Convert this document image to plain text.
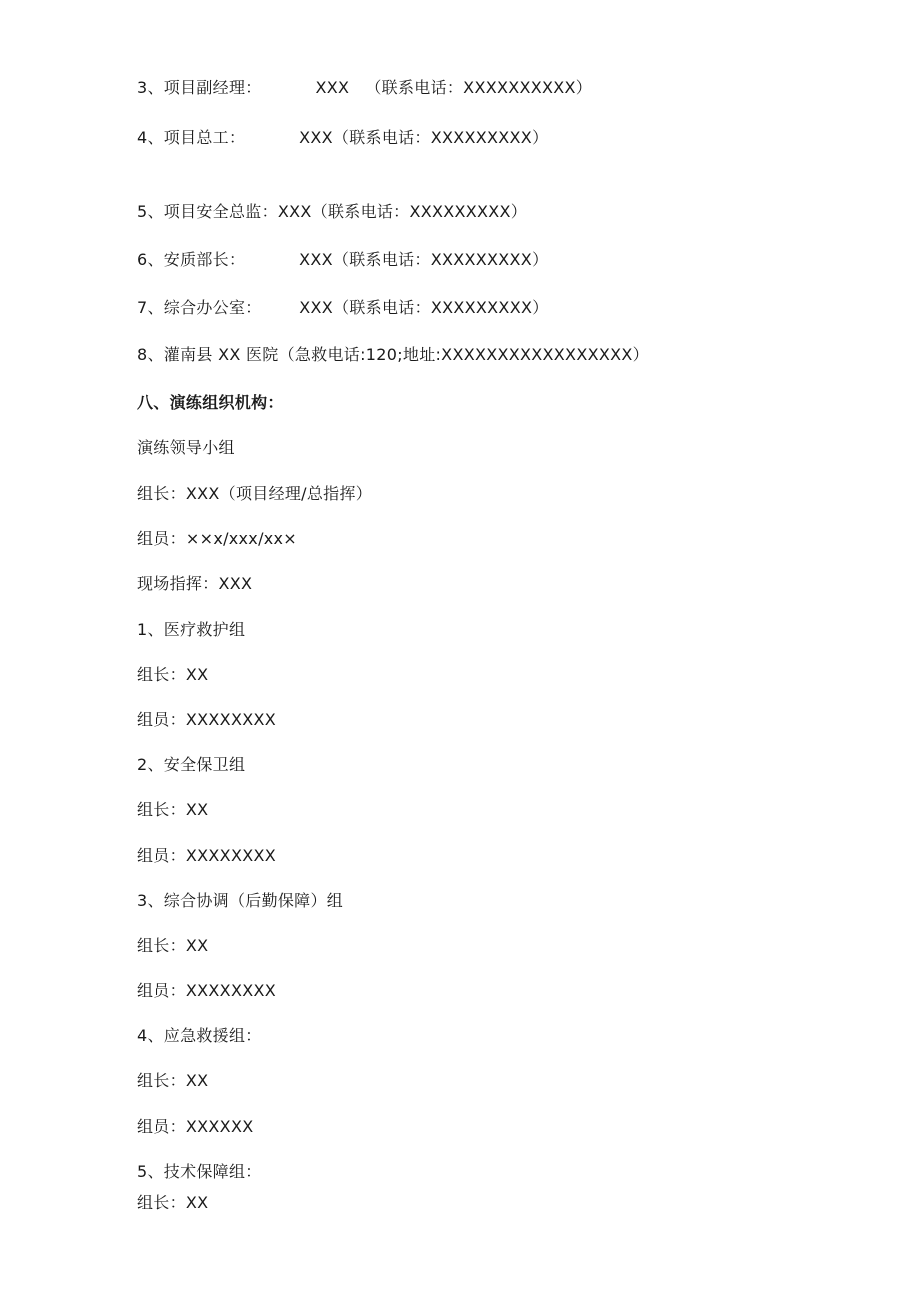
3、项目副经理：          XXX   （联系电话：XXXXXXXXXX）
4、项目总工：          XXX（联系电话：XXXXXXXXX）
5、项目安全总监：XXX（联系电话：XXXXXXXXX）
6、安质部长：          XXX（联系电话：XXXXXXXXX）
7、综合办公室：       XXX（联系电话：XXXXXXXXX）
8、灌南县 XX 医院（急救电话:120;地址:XXXXXXXXXXXXXXXXX）
八、演练组织机构：
演练领导小组
组长：XXX（项目经理/总指挥）
组员：××x/xxx/xx×
现场指挥：XXX
1、医疗救护组
组长：XX
组员：XXXXXXXX
2、安全保卫组
组长：XX
组员：XXXXXXXX
3、综合协调（后勤保障）组
组长：XX
组员：XXXXXXXX
4、应急救援组：
组长：XX
组员：XXXXXX
5、技术保障组：
组长：XX
